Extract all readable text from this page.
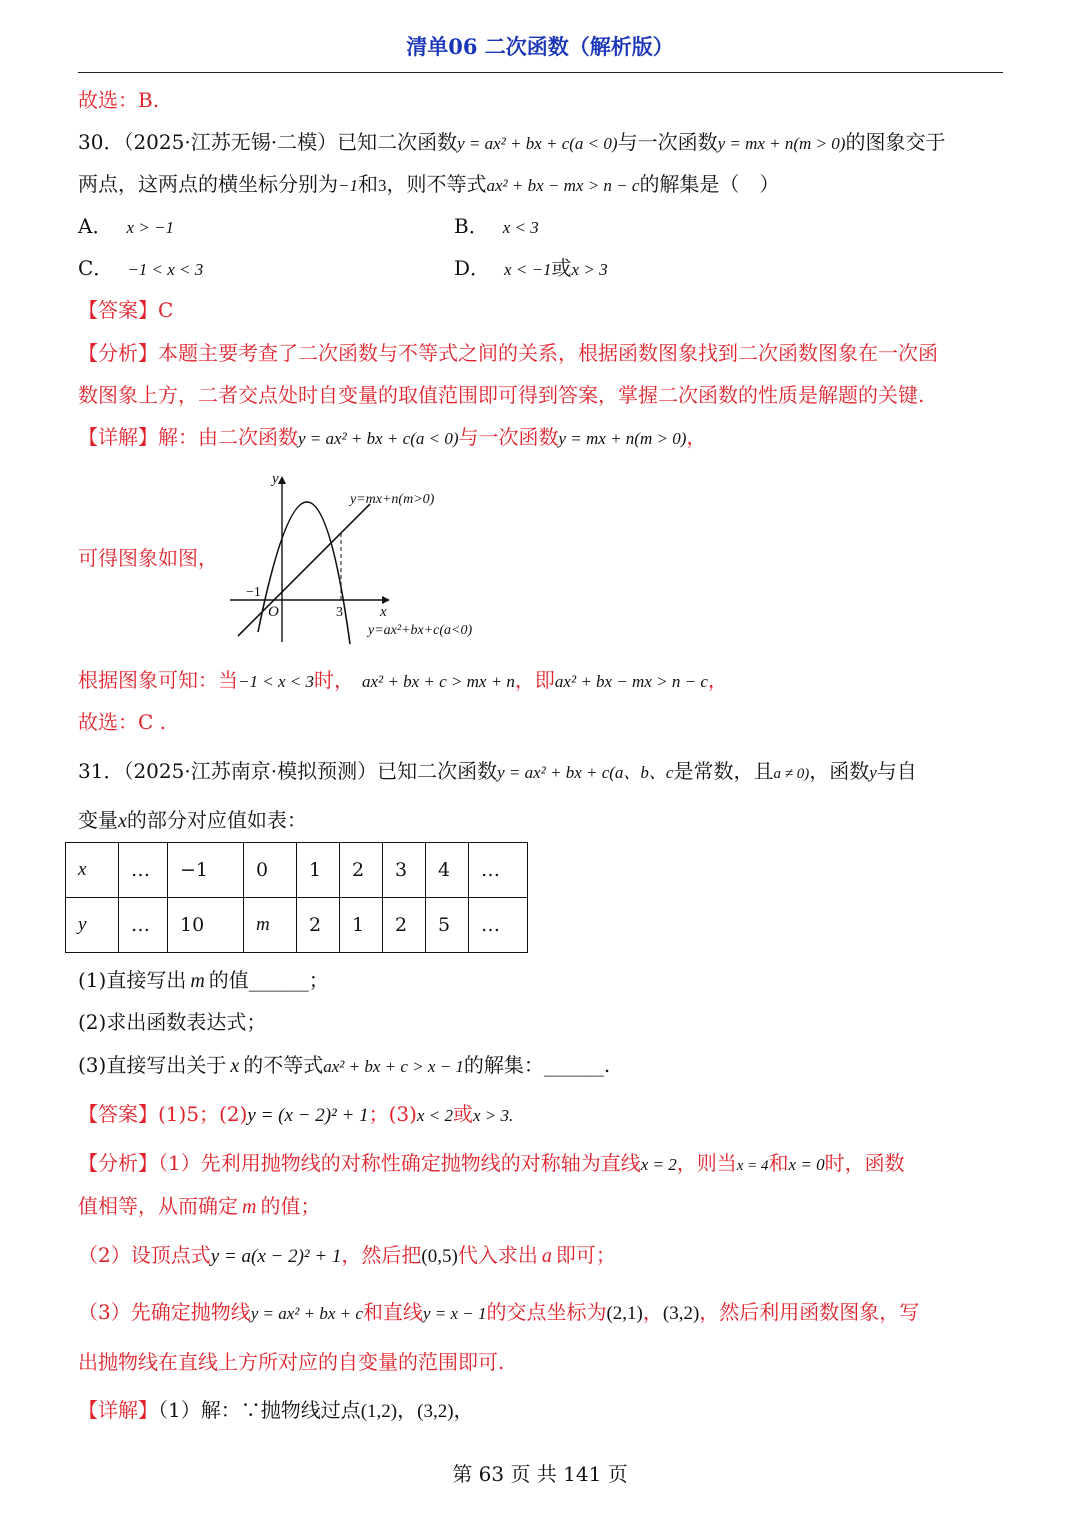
清单06 二次函数（解析版）
故选：B.
30．（2025·江苏无锡·二模）已知二次函数y = ax² + bx + c(a < 0)与一次函数y = mx + n(m > 0)的图象交于
两点，这两点的横坐标分别为−1和3，则不等式ax² + bx − mx > n − c的解集是（　）
A． x > −1	B． x < 3
C． −1 < x < 3	D． x < −1或x > 3
【答案】C
【分析】本题主要考查了二次函数与不等式之间的关系，根据函数图象找到二次函数图象在一次函
数图象上方，二者交点处时自变量的取值范围即可得到答案，掌握二次函数的性质是解题的关键.
【详解】解：由二次函数y = ax² + bx + c(a < 0)与一次函数y = mx + n(m > 0)，
可得图象如图，
y
x
O
−1
3
y=mx+n(m>0)
y=ax²+bx+c(a<0)
根据图象可知：当−1 < x < 3时， ax² + bx + c > mx + n，即ax² + bx − mx > n − c，
故选：C .
31．（2025·江苏南京·模拟预测）已知二次函数y = ax² + bx + c(a、b、c是常数，且a ≠ 0)，函数y与自
变量x的部分对应值如表：
x	…	−1	0	1	2	3	4	…
y	…	10	m	2	1	2	5	…
(1)直接写出 m 的值______；
(2)求出函数表达式；
(3)直接写出关于 x 的不等式ax² + bx + c > x − 1的解集：______.
【答案】(1)5；(2)y = (x − 2)² + 1；(3)x < 2或x > 3.
【分析】（1）先利用抛物线的对称性确定抛物线的对称轴为直线x = 2，则当x = 4和x = 0时，函数
值相等，从而确定 m 的值；
（2）设顶点式y = a(x − 2)² + 1，然后把(0,5)代入求出 a 即可；
（3）先确定抛物线y = ax² + bx + c和直线y = x − 1的交点坐标为(2,1)，(3,2)，然后利用函数图象，写
出抛物线在直线上方所对应的自变量的范围即可.
【详解】（1）解：∵抛物线过点(1,2)，(3,2)，
第 63 页 共 141 页
